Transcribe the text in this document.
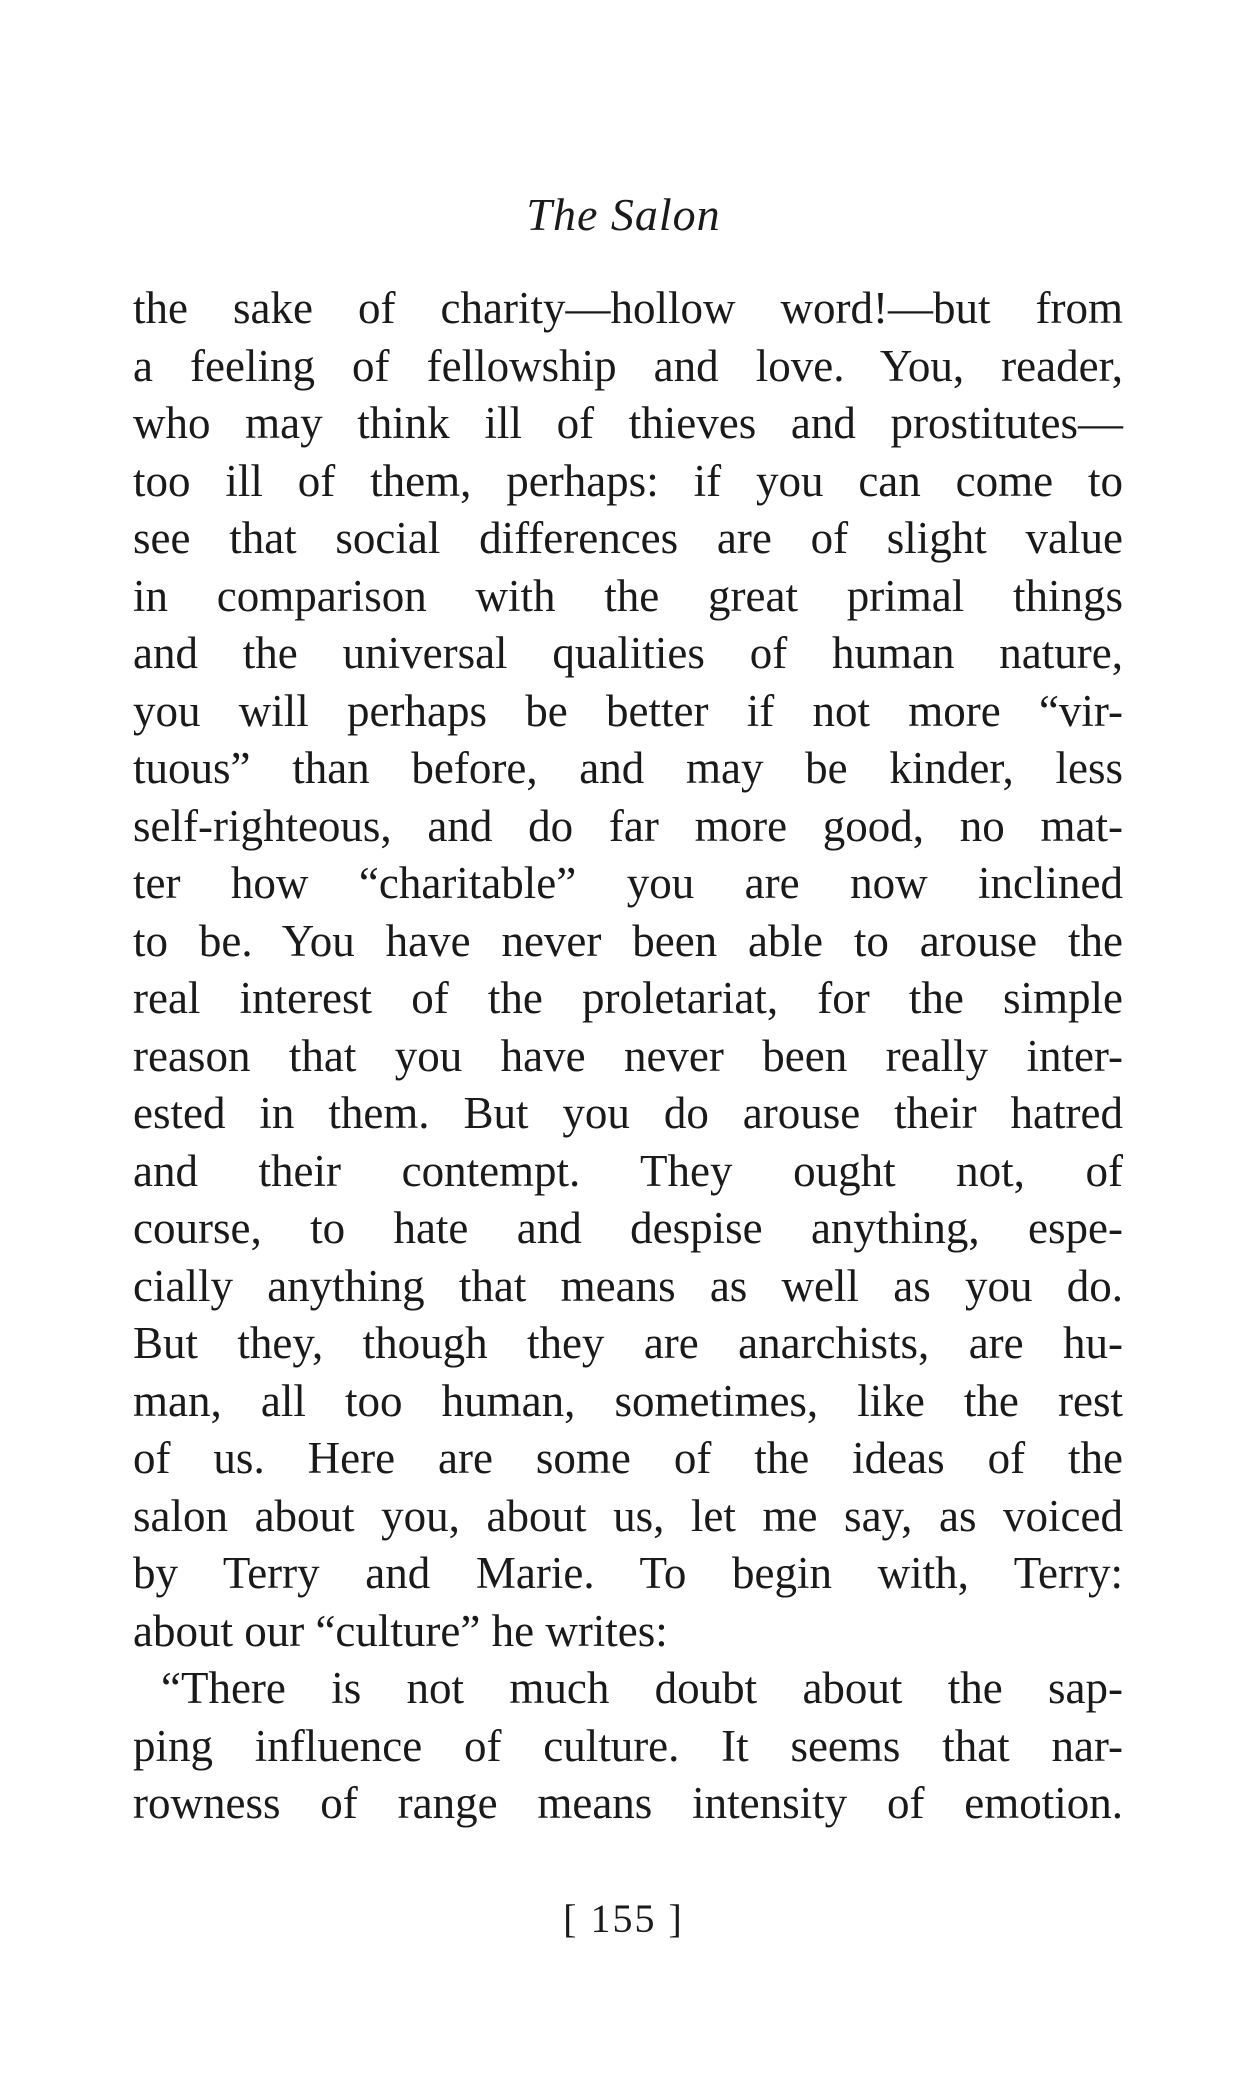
The Salon
the sake of charity—hollow word!—but from
a feeling of fellowship and love. You, reader,
who may think ill of thieves and prostitutes—
too ill of them, perhaps: if you can come to
see that social differences are of slight value
in comparison with the great primal things
and the universal qualities of human nature,
you will perhaps be better if not more “vir-
tuous” than before, and may be kinder, less
self-righteous, and do far more good, no mat-
ter how “charitable” you are now inclined
to be. You have never been able to arouse the
real interest of the proletariat, for the simple
reason that you have never been really inter-
ested in them. But you do arouse their hatred
and their contempt. They ought not, of
course, to hate and despise anything, espe-
cially anything that means as well as you do.
But they, though they are anarchists, are hu-
man, all too human, sometimes, like the rest
of us. Here are some of the ideas of the
salon about you, about us, let me say, as voiced
by Terry and Marie. To begin with, Terry:
about our “culture” he writes:
“There is not much doubt about the sap-
ping influence of culture. It seems that nar-
rowness of range means intensity of emotion.
[ 155 ]
